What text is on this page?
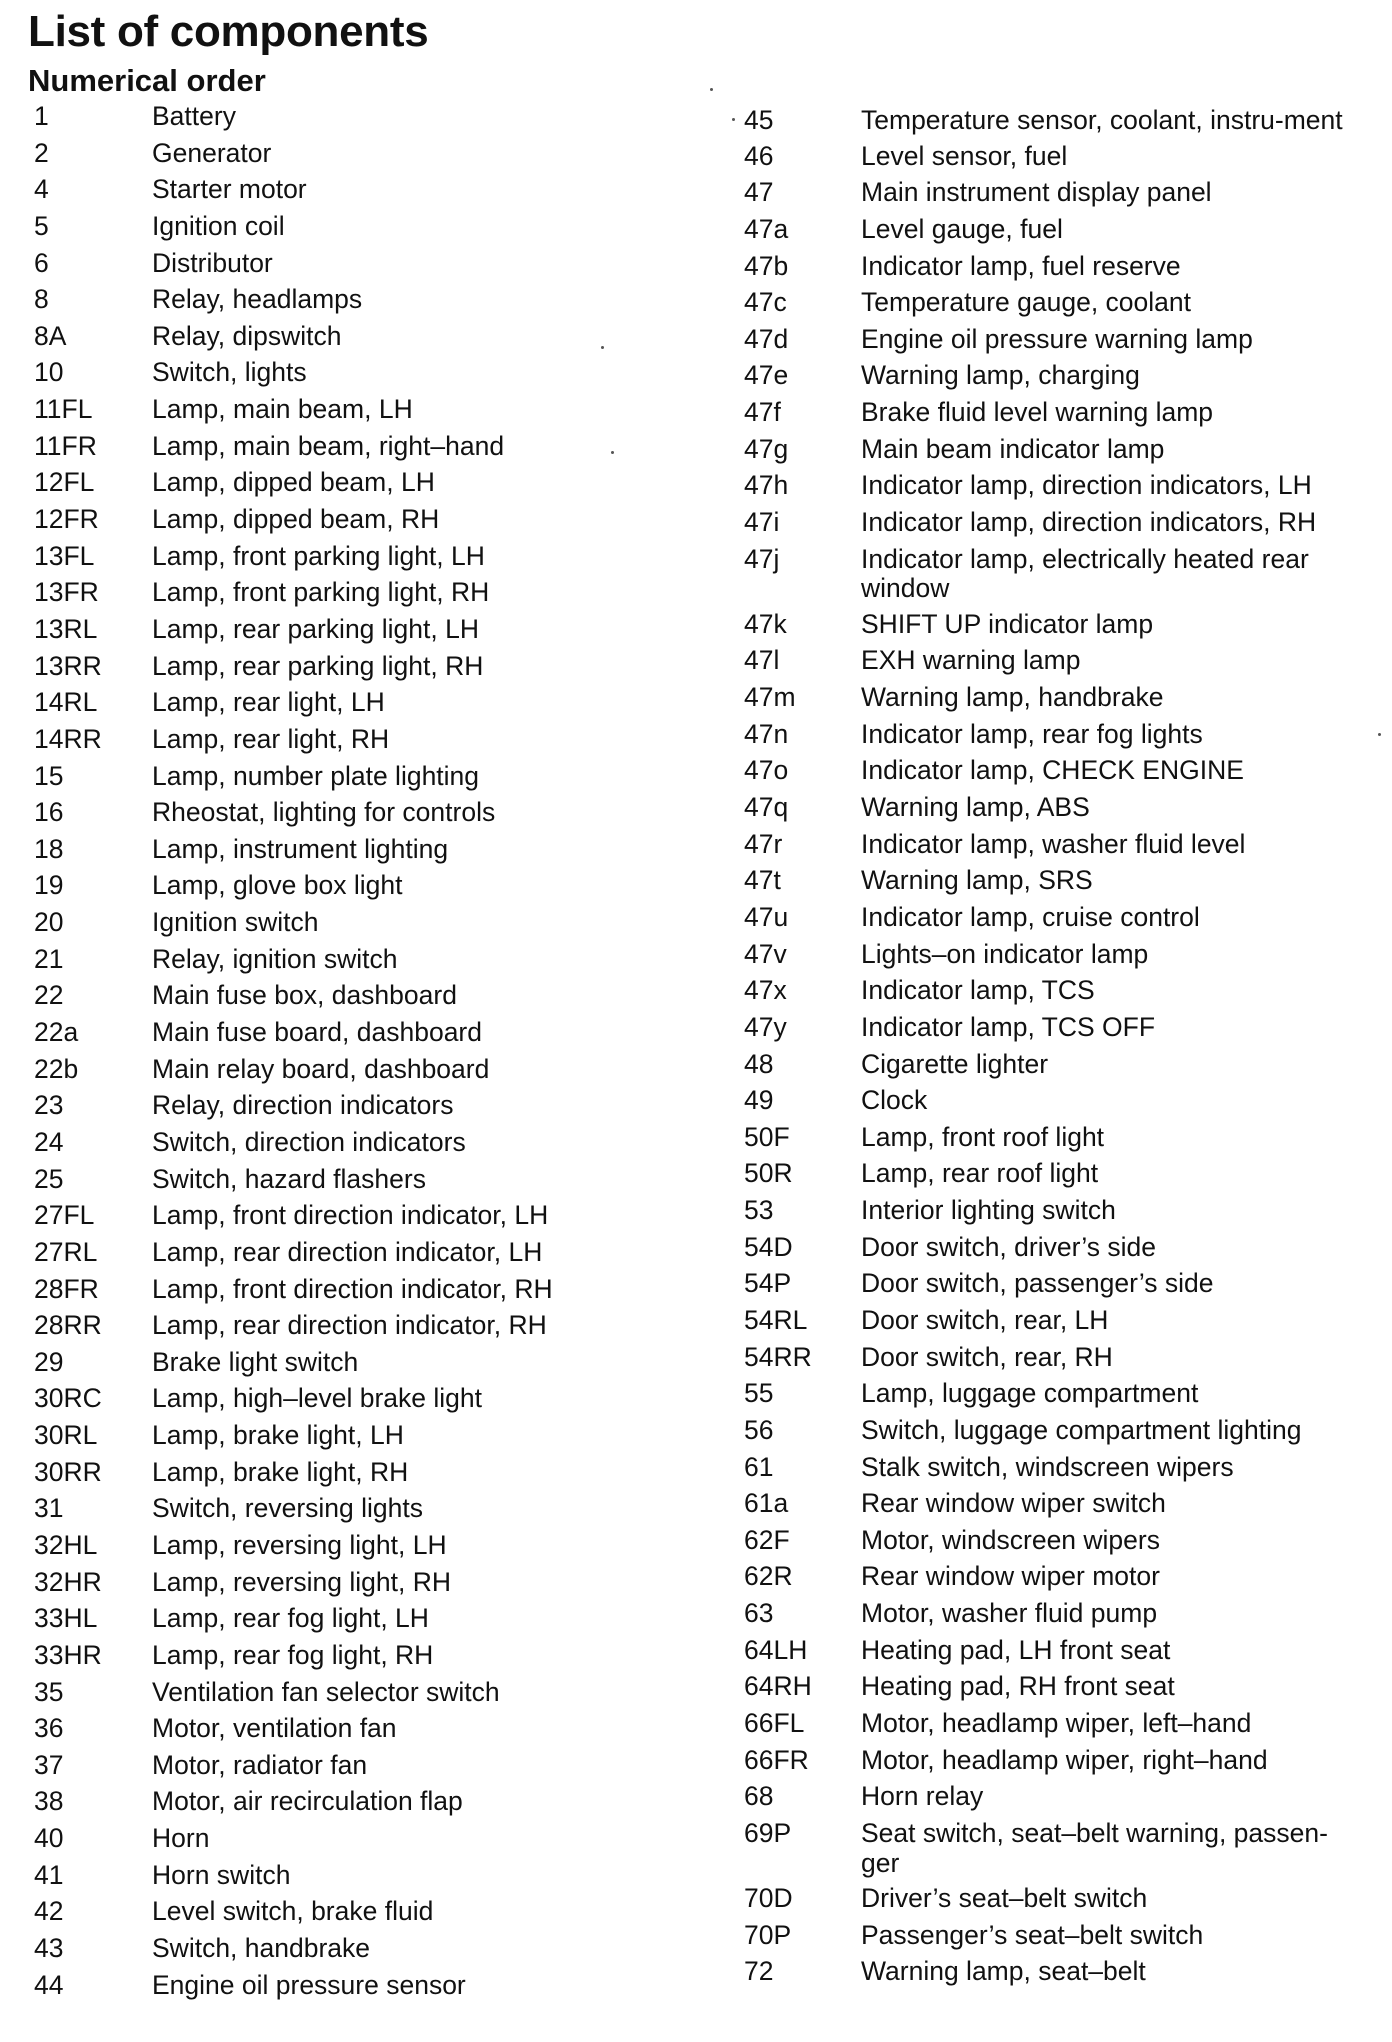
List of components
Numerical order
1	Battery
2	Generator
4	Starter motor
5	Ignition coil
6	Distributor
8	Relay, headlamps
8A	Relay, dipswitch
10	Switch, lights
11FL	Lamp, main beam, LH
11FR	Lamp, main beam, right–hand
12FL	Lamp, dipped beam, LH
12FR	Lamp, dipped beam, RH
13FL	Lamp, front parking light, LH
13FR	Lamp, front parking light, RH
13RL	Lamp, rear parking light, LH
13RR	Lamp, rear parking light, RH
14RL	Lamp, rear light, LH
14RR	Lamp, rear light, RH
15	Lamp, number plate lighting
16	Rheostat, lighting for controls
18	Lamp, instrument lighting
19	Lamp, glove box light
20	Ignition switch
21	Relay, ignition switch
22	Main fuse box, dashboard
22a	Main fuse board, dashboard
22b	Main relay board, dashboard
23	Relay, direction indicators
24	Switch, direction indicators
25	Switch, hazard flashers
27FL	Lamp, front direction indicator, LH
27RL	Lamp, rear direction indicator, LH
28FR	Lamp, front direction indicator, RH
28RR	Lamp, rear direction indicator, RH
29	Brake light switch
30RC	Lamp, high–level brake light
30RL	Lamp, brake light, LH
30RR	Lamp, brake light, RH
31	Switch, reversing lights
32HL	Lamp, reversing light, LH
32HR	Lamp, reversing light, RH
33HL	Lamp, rear fog light, LH
33HR	Lamp, rear fog light, RH
35	Ventilation fan selector switch
36	Motor, ventilation fan
37	Motor, radiator fan
38	Motor, air recirculation flap
40	Horn
41	Horn switch
42	Level switch, brake fluid
43	Switch, handbrake
44	Engine oil pressure sensor
45	Temperature sensor, coolant, instru-ment
46	Level sensor, fuel
47	Main instrument display panel
47a	Level gauge, fuel
47b	Indicator lamp, fuel reserve
47c	Temperature gauge, coolant
47d	Engine oil pressure warning lamp
47e	Warning lamp, charging
47f	Brake fluid level warning lamp
47g	Main beam indicator lamp
47h	Indicator lamp, direction indicators, LH
47i	Indicator lamp, direction indicators, RH
47j	Indicator lamp, electrically heated rear window
47k	SHIFT UP indicator lamp
47l	EXH warning lamp
47m	Warning lamp, handbrake
47n	Indicator lamp, rear fog lights
47o	Indicator lamp, CHECK ENGINE
47q	Warning lamp, ABS
47r	Indicator lamp, washer fluid level
47t	Warning lamp, SRS
47u	Indicator lamp, cruise control
47v	Lights–on indicator lamp
47x	Indicator lamp, TCS
47y	Indicator lamp, TCS OFF
48	Cigarette lighter
49	Clock
50F	Lamp, front roof light
50R	Lamp, rear roof light
53	Interior lighting switch
54D	Door switch, driver’s side
54P	Door switch, passenger’s side
54RL	Door switch, rear, LH
54RR	Door switch, rear, RH
55	Lamp, luggage compartment
56	Switch, luggage compartment lighting
61	Stalk switch, windscreen wipers
61a	Rear window wiper switch
62F	Motor, windscreen wipers
62R	Rear window wiper motor
63	Motor, washer fluid pump
64LH	Heating pad, LH front seat
64RH	Heating pad, RH front seat
66FL	Motor, headlamp wiper, left–hand
66FR	Motor, headlamp wiper, right–hand
68	Horn relay
69P	Seat switch, seat–belt warning, passen-ger
70D	Driver’s seat–belt switch
70P	Passenger’s seat–belt switch
72	Warning lamp, seat–belt
